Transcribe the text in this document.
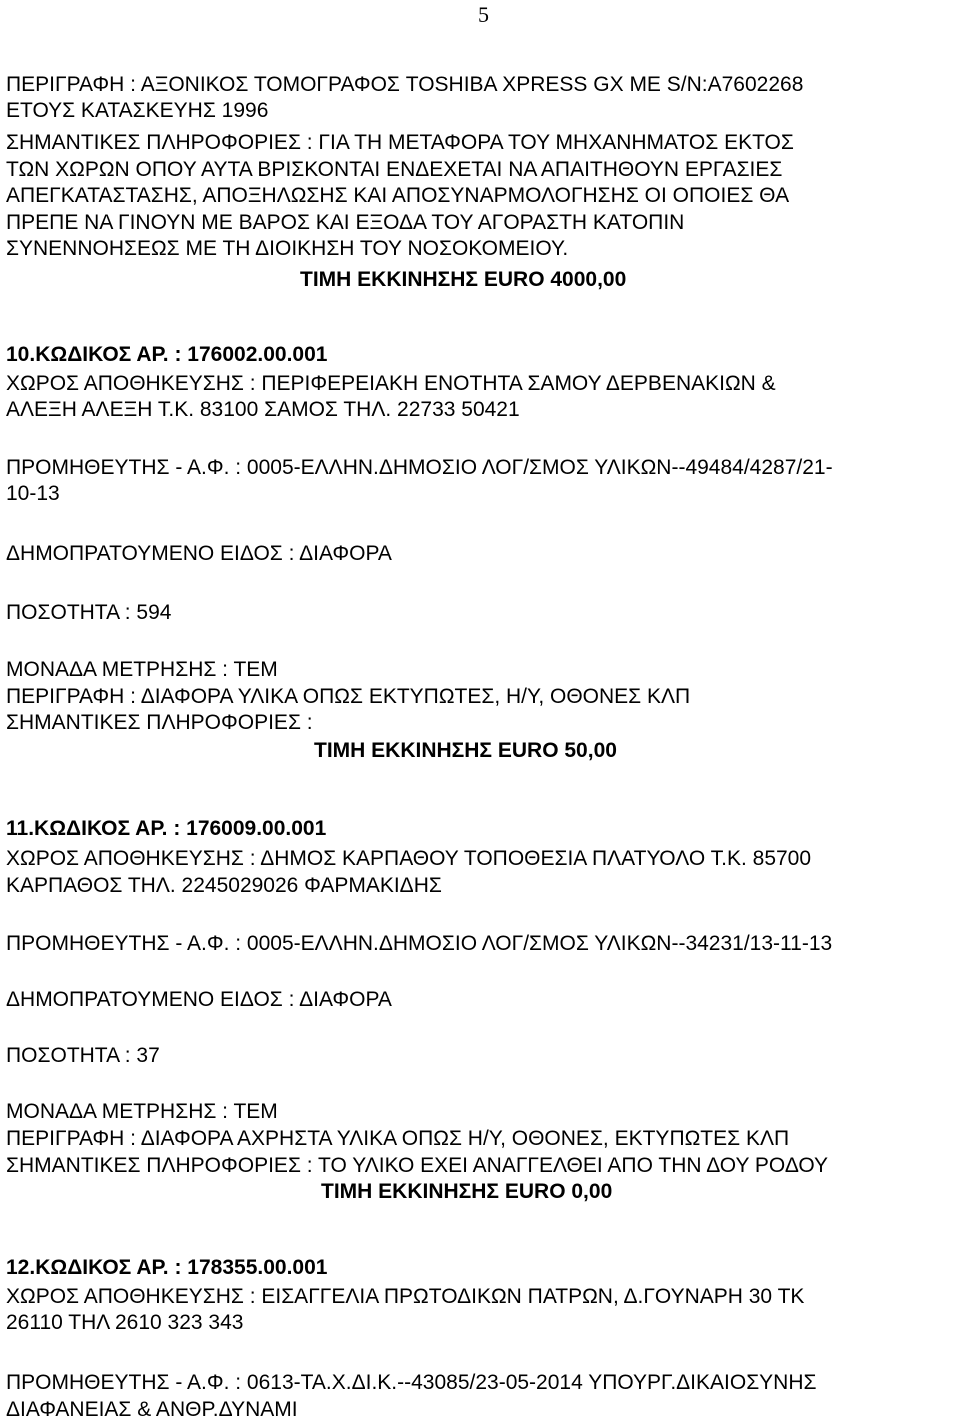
5
ΠΕΡΙΓΡΑΦΗ : ΑΞΟΝΙΚΟΣ ΤΟΜΟΓΡΑΦΟΣ TOSHIBA XPRESS GX ΜΕ S/N:A7602268
ΕΤΟΥΣ ΚΑΤΑΣΚΕΥΗΣ 1996
ΣΗΜΑΝΤΙΚΕΣ ΠΛΗΡΟΦΟΡΙΕΣ : ΓΙΑ ΤΗ ΜΕΤΑΦΟΡΑ ΤΟΥ ΜΗΧΑΝΗΜΑΤΟΣ ΕΚΤΟΣ
ΤΩΝ ΧΩΡΩΝ ΟΠΟΥ ΑΥΤΑ ΒΡΙΣΚΟΝΤΑΙ ΕΝΔΕΧΕΤΑΙ ΝΑ ΑΠΑΙΤΗΘΟΥΝ ΕΡΓΑΣΙΕΣ
ΑΠΕΓΚΑΤΑΣΤΑΣΗΣ, ΑΠΟΞΗΛΩΣΗΣ ΚΑΙ ΑΠΟΣΥΝΑΡΜΟΛΟΓΗΣΗΣ ΟΙ ΟΠΟΙΕΣ ΘΑ
ΠΡΕΠΕ ΝΑ ΓΙΝΟΥΝ ΜΕ ΒΑΡΟΣ ΚΑΙ ΕΞΟΔΑ ΤΟΥ ΑΓΟΡΑΣΤΗ ΚΑΤΟΠΙΝ
ΣΥΝΕΝΝΟΗΣΕΩΣ ΜΕ ΤΗ ΔΙΟΙΚΗΣΗ ΤΟΥ ΝΟΣΟΚΟΜΕΙΟΥ.
ΤΙΜΗ ΕΚΚΙΝΗΣΗΣ EURO 4000,00
10.ΚΩΔΙΚΟΣ ΑΡ. : 176002.00.001
ΧΩΡΟΣ ΑΠΟΘΗΚΕΥΣΗΣ : ΠΕΡΙΦΕΡΕΙΑΚΗ ΕΝΟΤΗΤΑ ΣΑΜΟΥ ΔΕΡΒΕΝΑΚΙΩΝ &
ΑΛΕΞΗ ΑΛΕΞΗ Τ.Κ. 83100 ΣΑΜΟΣ ΤΗΛ. 22733 50421
ΠΡΟΜΗΘΕΥΤΗΣ - Α.Φ. : 0005-ΕΛΛΗΝ.ΔΗΜΟΣΙΟ ΛΟΓ/ΣΜΟΣ ΥΛΙΚΩΝ--49484/4287/21-
10-13
ΔΗΜΟΠΡΑΤΟΥΜΕΝΟ ΕΙΔΟΣ : ΔΙΑΦΟΡΑ
ΠΟΣΟΤΗΤΑ : 594
ΜΟΝΑΔΑ ΜΕΤΡΗΣΗΣ : ΤΕΜ
ΠΕΡΙΓΡΑΦΗ : ΔΙΑΦΟΡΑ ΥΛΙΚΑ ΟΠΩΣ ΕΚΤΥΠΩΤΕΣ, Η/Υ, ΟΘΟΝΕΣ ΚΛΠ
ΣΗΜΑΝΤΙΚΕΣ ΠΛΗΡΟΦΟΡΙΕΣ :
ΤΙΜΗ ΕΚΚΙΝΗΣΗΣ EURO 50,00
11.ΚΩΔΙΚΟΣ ΑΡ. : 176009.00.001
ΧΩΡΟΣ ΑΠΟΘΗΚΕΥΣΗΣ : ΔΗΜΟΣ ΚΑΡΠΑΘΟΥ ΤΟΠΟΘΕΣΙΑ ΠΛΑΤΥΟΛΟ Τ.Κ. 85700
ΚΑΡΠΑΘΟΣ ΤΗΛ. 2245029026 ΦΑΡΜΑΚΙΔΗΣ
ΠΡΟΜΗΘΕΥΤΗΣ - Α.Φ. : 0005-ΕΛΛΗΝ.ΔΗΜΟΣΙΟ ΛΟΓ/ΣΜΟΣ ΥΛΙΚΩΝ--34231/13-11-13
ΔΗΜΟΠΡΑΤΟΥΜΕΝΟ ΕΙΔΟΣ : ΔΙΑΦΟΡΑ
ΠΟΣΟΤΗΤΑ : 37
ΜΟΝΑΔΑ ΜΕΤΡΗΣΗΣ : ΤΕΜ
ΠΕΡΙΓΡΑΦΗ : ΔΙΑΦΟΡΑ ΑΧΡΗΣΤΑ ΥΛΙΚΑ ΟΠΩΣ Η/Υ, ΟΘΟΝΕΣ, ΕΚΤΥΠΩΤΕΣ ΚΛΠ
ΣΗΜΑΝΤΙΚΕΣ ΠΛΗΡΟΦΟΡΙΕΣ : ΤΟ ΥΛΙΚΟ ΕΧΕΙ ΑΝΑΓΓΕΛΘΕΙ ΑΠΟ ΤΗΝ ΔΟΥ ΡΟΔΟΥ
ΤΙΜΗ ΕΚΚΙΝΗΣΗΣ EURO 0,00
12.ΚΩΔΙΚΟΣ ΑΡ. : 178355.00.001
ΧΩΡΟΣ ΑΠΟΘΗΚΕΥΣΗΣ : ΕΙΣΑΓΓΕΛΙΑ ΠΡΩΤΟΔΙΚΩΝ ΠΑΤΡΩΝ, Δ.ΓΟΥΝΑΡΗ 30 ΤΚ
26110 ΤΗΛ 2610 323 343
ΠΡΟΜΗΘΕΥΤΗΣ - Α.Φ. : 0613-ΤΑ.Χ.ΔΙ.Κ.--43085/23-05-2014 ΥΠΟΥΡΓ.ΔΙΚΑΙΟΣΥΝΗΣ
ΔΙΑΦΑΝΕΙΑΣ & ΑΝΘΡ.ΔΥΝΑΜΙ
